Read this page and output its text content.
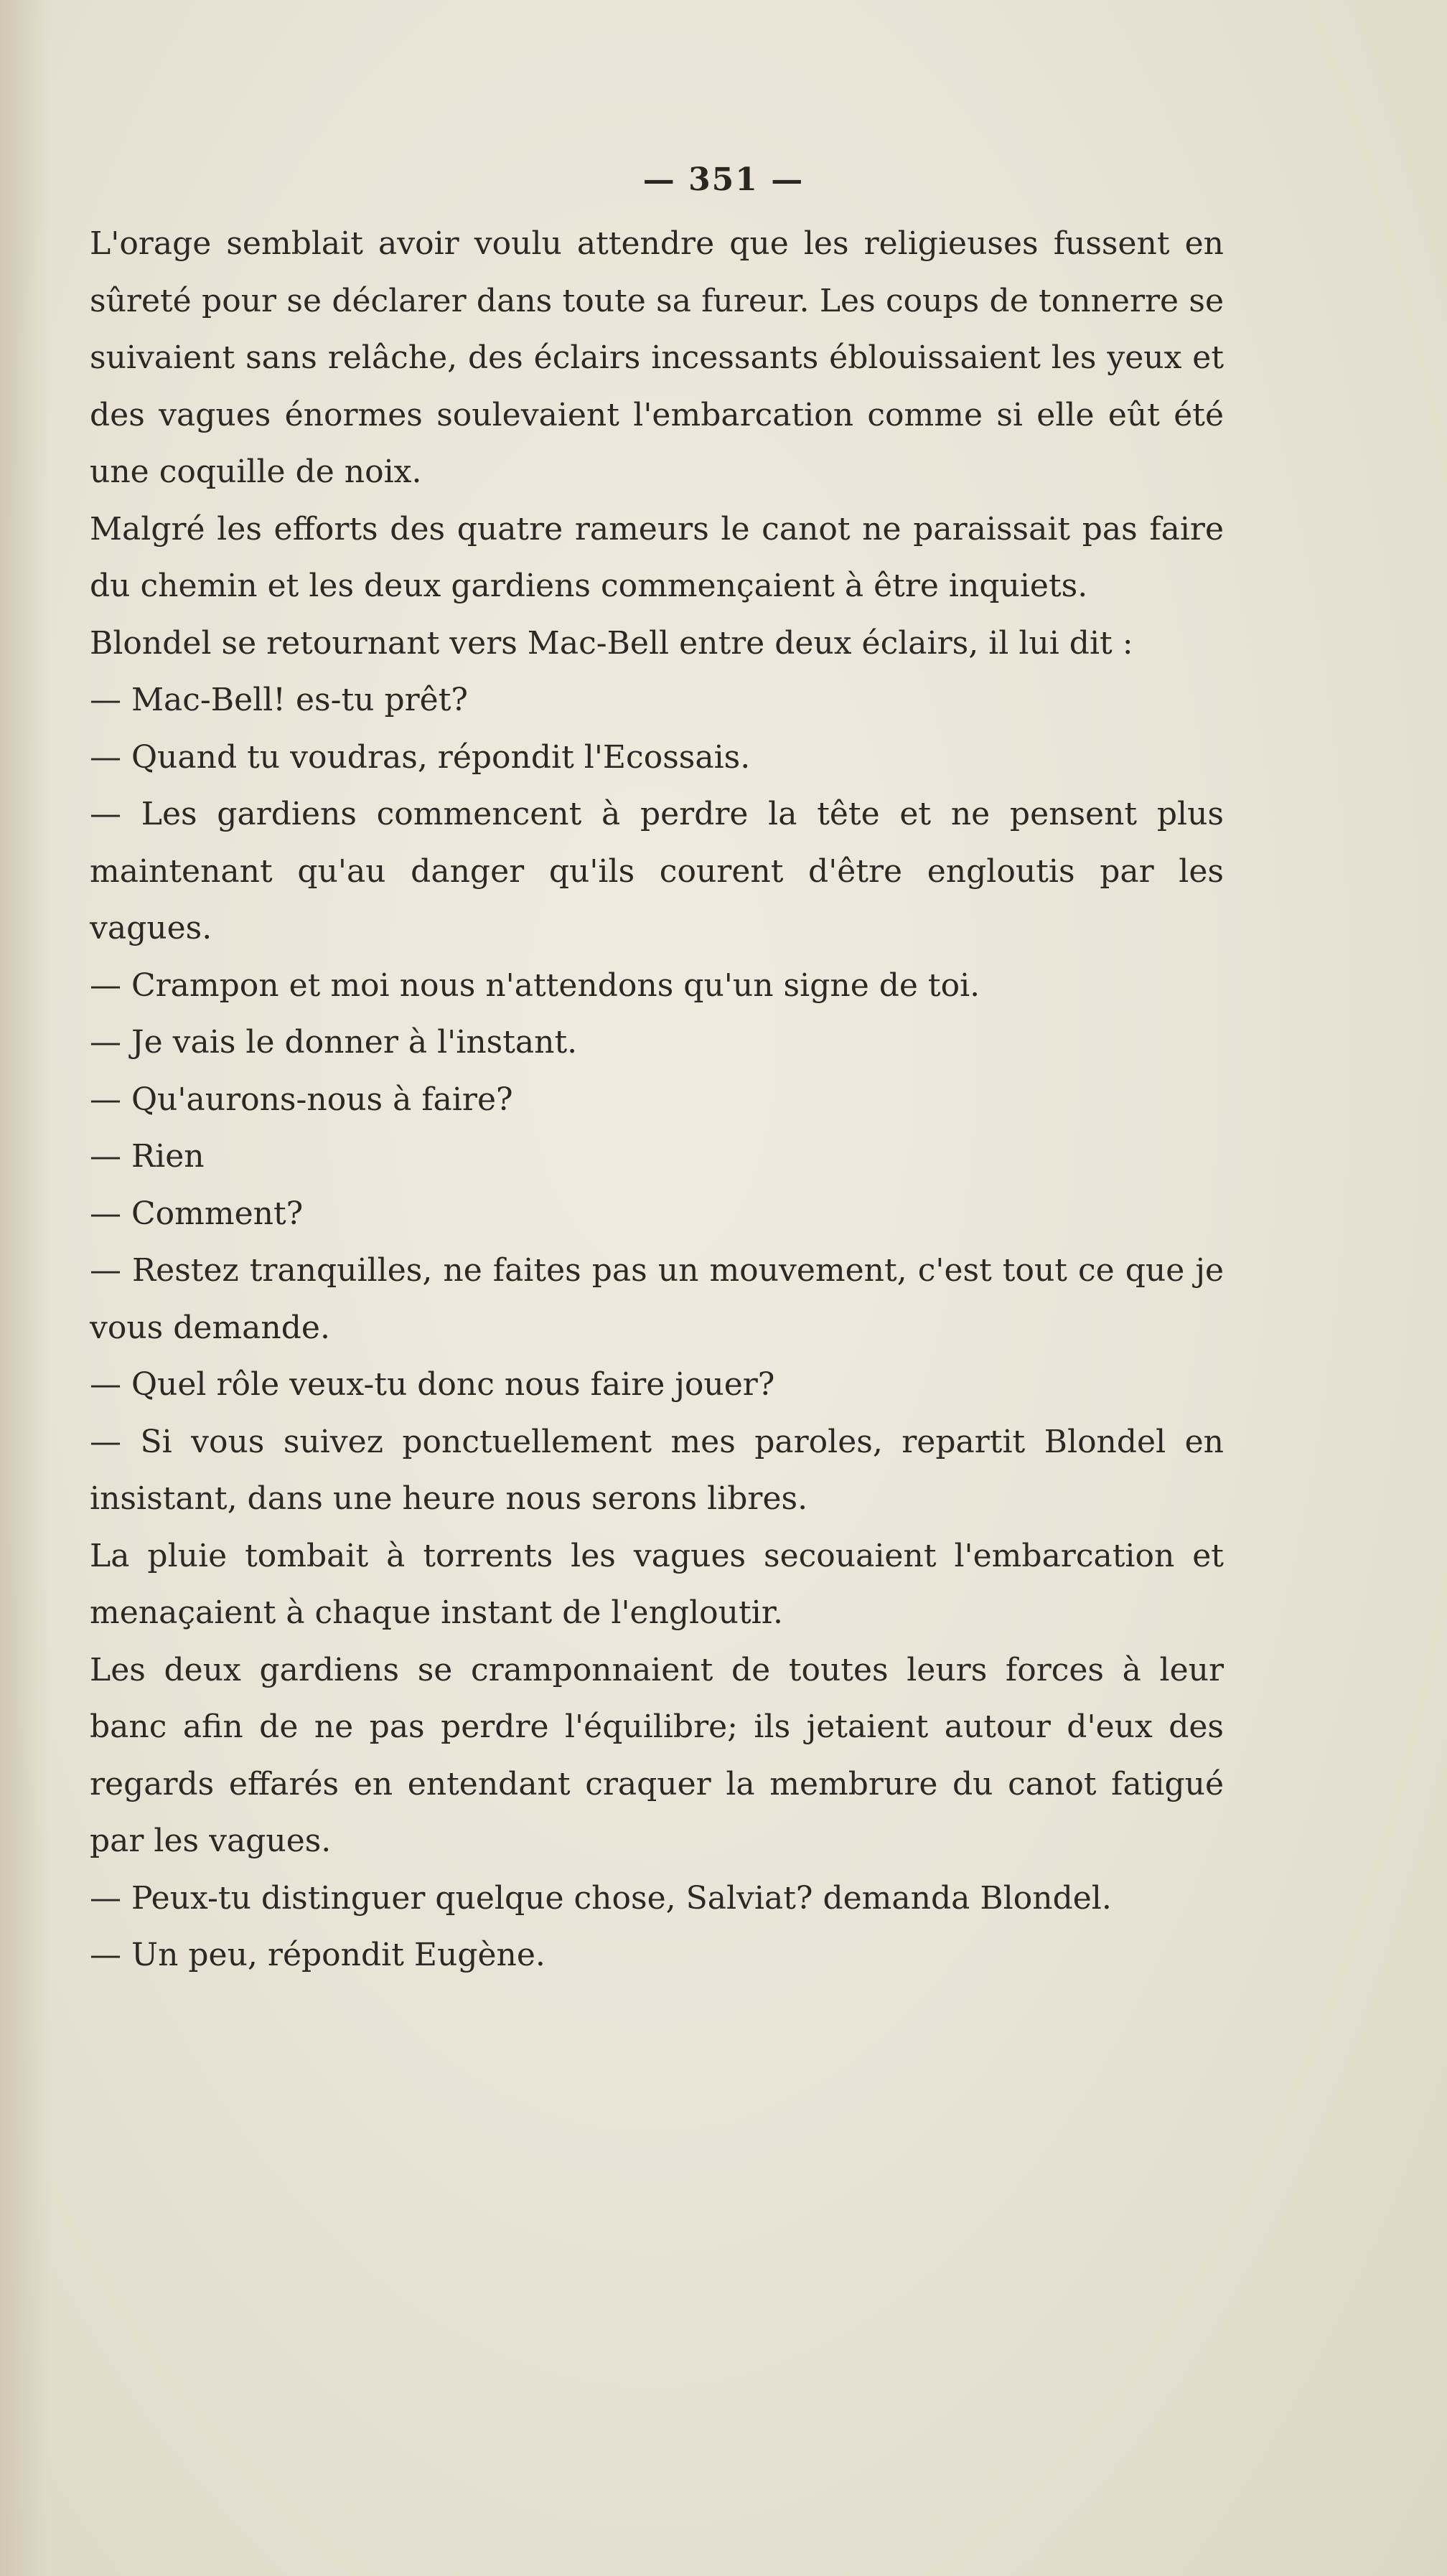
— 351 —

L'orage semblait avoir voulu attendre que les religieuses fussent en sûreté pour se déclarer dans toute sa fureur. Les coups de tonnerre se suivaient sans relâche, des éclairs incessants éblouissaient les yeux et des vagues énormes soulevaient l'embarcation comme si elle eût été une coquille de noix.

Malgré les efforts des quatre rameurs le canot ne paraissait pas faire du chemin et les deux gardiens commençaient à être inquiets.

Blondel se retournant vers Mac-Bell entre deux éclairs, il lui dit :

— Mac-Bell! es-tu prêt?

— Quand tu voudras, répondit l'Ecossais.

— Les gardiens commencent à perdre la tête et ne pensent plus maintenant qu'au danger qu'ils courent d'être engloutis par les vagues.

— Crampon et moi nous n'attendons qu'un signe de toi.

— Je vais le donner à l'instant.

— Qu'aurons-nous à faire?

— Rien

— Comment?

— Restez tranquilles, ne faites pas un mouvement, c'est tout ce que je vous demande.

— Quel rôle veux-tu donc nous faire jouer?

— Si vous suivez ponctuellement mes paroles, repartit Blondel en insistant, dans une heure nous serons libres.

La pluie tombait à torrents les vagues secouaient l'embarcation et menaçaient à chaque instant de l'engloutir.

Les deux gardiens se cramponnaient de toutes leurs forces à leur banc afin de ne pas perdre l'équilibre; ils jetaient autour d'eux des regards effarés en entendant craquer la membrure du canot fatigué par les vagues.

— Peux-tu distinguer quelque chose, Salviat? demanda Blondel.

— Un peu, répondit Eugène.
